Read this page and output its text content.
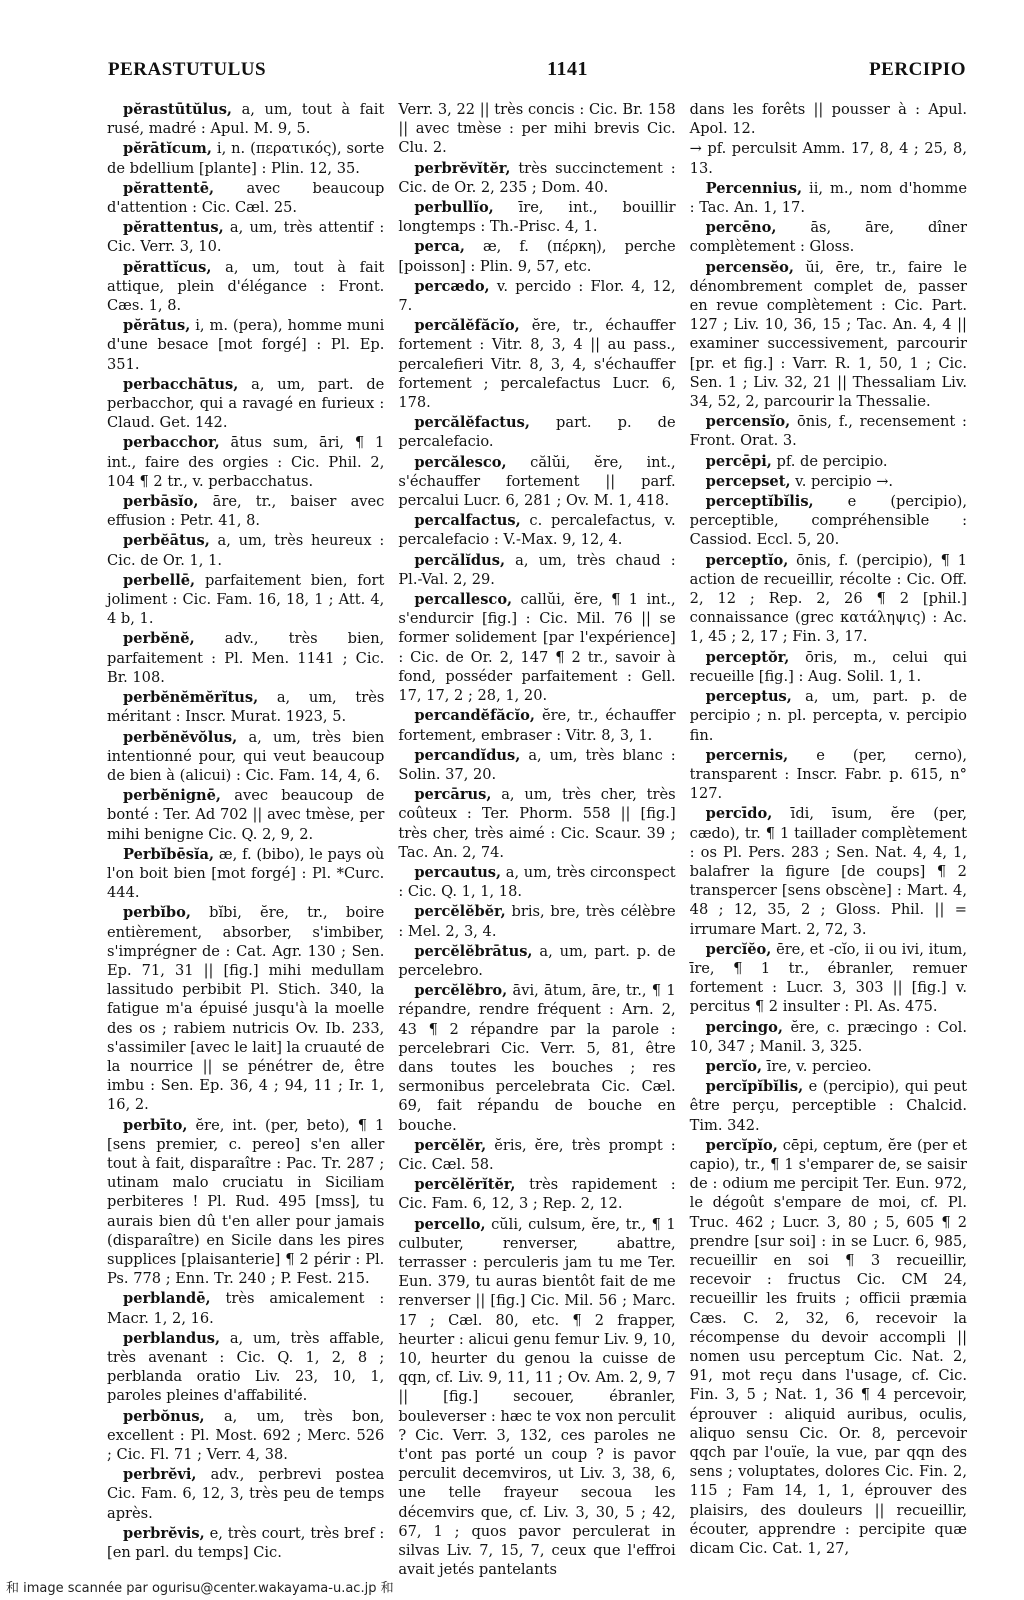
PERASTUTULUS	1141	PERCIPIO

pĕrastūtŭlus, a, um, tout à fait rusé, madré : Apul. M. 9, 5.

pĕrātĭcum, i, n. (περατικός), sorte de bdellium [plante] : Plin. 12, 35.

pĕrattentē, avec beaucoup d'attention : Cic. Cæl. 25.

pĕrattentus, a, um, très attentif : Cic. Verr. 3, 10.

pĕrattĭcus, a, um, tout à fait attique, plein d'élégance : Front. Cæs. 1, 8.

pĕrātus, i, m. (pera), homme muni d'une besace [mot forgé] : Pl. Ep. 351.

perbacchātus, a, um, part. de perbacchor, qui a ravagé en furieux : Claud. Get. 142.

perbacchor, ātus sum, āri, ¶ 1 int., faire des orgies : Cic. Phil. 2, 104 ¶ 2 tr., v. perbacchatus.

perbāsĭo, āre, tr., baiser avec effusion : Petr. 41, 8.

perbĕātus, a, um, très heureux : Cic. de Or. 1, 1.

perbellē, parfaitement bien, fort joliment : Cic. Fam. 16, 18, 1 ; Att. 4, 4 b, 1.

perbĕnĕ, adv., très bien, parfaitement : Pl. Men. 1141 ; Cic. Br. 108.

perbĕnĕmĕrĭtus, a, um, très méritant : Inscr. Murat. 1923, 5.

perbĕnĕvŏlus, a, um, très bien intentionné pour, qui veut beaucoup de bien à (alicui) : Cic. Fam. 14, 4, 6.

perbĕnignē, avec beaucoup de bonté : Ter. Ad 702 || avec tmèse, per mihi benigne Cic. Q. 2, 9, 2.

Perbĭbēsĭa, æ, f. (bibo), le pays où l'on boit bien [mot forgé] : Pl. *Curc. 444.

perbĭbo, bĭbi, ĕre, tr., boire entièrement, absorber, s'imbiber, s'imprégner de : Cat. Agr. 130 ; Sen. Ep. 71, 31 || [fig.] mihi medullam lassitudo perbibit Pl. Stich. 340, la fatigue m'a épuisé jusqu'à la moelle des os ; rabiem nutricis Ov. Ib. 233, s'assimiler [avec le lait] la cruauté de la nourrice || se pénétrer de, être imbu : Sen. Ep. 36, 4 ; 94, 11 ; Ir. 1, 16, 2.

perbīto, ĕre, int. (per, beto), ¶ 1 [sens premier, c. pereo] s'en aller tout à fait, disparaître : Pac. Tr. 287 ; utinam malo cruciatu in Siciliam perbiteres ! Pl. Rud. 495 [mss], tu aurais bien dû t'en aller pour jamais (disparaître) en Sicile dans les pires supplices [plaisanterie] ¶ 2 périr : Pl. Ps. 778 ; Enn. Tr. 240 ; P. Fest. 215.

perblandē, très amicalement : Macr. 1, 2, 16.

perblandus, a, um, très affable, très avenant : Cic. Q. 1, 2, 8 ; perblanda oratio Liv. 23, 10, 1, paroles pleines d'affabilité.

perbŏnus, a, um, très bon, excellent : Pl. Most. 692 ; Merc. 526 ; Cic. Fl. 71 ; Verr. 4, 38.

perbrĕvi, adv., perbrevi postea Cic. Fam. 6, 12, 3, très peu de temps après.

perbrĕvis, e, très court, très bref : [en parl. du temps] Cic.

Verr. 3, 22 || très concis : Cic. Br. 158 || avec tmèse : per mihi brevis Cic. Clu. 2.

perbrĕvĭtĕr, très succinctement : Cic. de Or. 2, 235 ; Dom. 40.

perbullĭo, īre, int., bouillir longtemps : Th.-Prisc. 4, 1.

perca, æ, f. (πέρκη), perche [poisson] : Plin. 9, 57, etc.

percædo, v. percido : Flor. 4, 12, 7.

percălĕfăcĭo, ĕre, tr., échauffer fortement : Vitr. 8, 3, 4 || au pass., percalefieri Vitr. 8, 3, 4, s'échauffer fortement ; percalefactus Lucr. 6, 178.

percălĕfactus, part. p. de percalefacio.

percălesco, călŭi, ĕre, int., s'échauffer fortement || parf. percalui Lucr. 6, 281 ; Ov. M. 1, 418.

percalfactus, c. percalefactus, v. percalefacio : V.-Max. 9, 12, 4.

percălĭdus, a, um, très chaud : Pl.-Val. 2, 29.

percallesco, callŭi, ĕre, ¶ 1 int., s'endurcir [fig.] : Cic. Mil. 76 || se former solidement [par l'expérience] : Cic. de Or. 2, 147 ¶ 2 tr., savoir à fond, posséder parfaitement : Gell. 17, 17, 2 ; 28, 1, 20.

percandĕfăcĭo, ĕre, tr., échauffer fortement, embraser : Vitr. 8, 3, 1.

percandĭdus, a, um, très blanc : Solin. 37, 20.

percārus, a, um, très cher, très coûteux : Ter. Phorm. 558 || [fig.] très cher, très aimé : Cic. Scaur. 39 ; Tac. An. 2, 74.

percautus, a, um, très circonspect : Cic. Q. 1, 1, 18.

percĕlĕbĕr, bris, bre, très célèbre : Mel. 2, 3, 4.

percĕlĕbrātus, a, um, part. p. de percelebro.

percĕlĕbro, āvi, ātum, āre, tr., ¶ 1 répandre, rendre fréquent : Arn. 2, 43 ¶ 2 répandre par la parole : percelebrari Cic. Verr. 5, 81, être dans toutes les bouches ; res sermonibus percelebrata Cic. Cæl. 69, fait répandu de bouche en bouche.

percĕlĕr, ĕris, ĕre, très prompt : Cic. Cæl. 58.

percĕlĕrĭtĕr, très rapidement : Cic. Fam. 6, 12, 3 ; Rep. 2, 12.

percello, cŭli, culsum, ĕre, tr., ¶ 1 culbuter, renverser, abattre, terrasser : perculeris jam tu me Ter. Eun. 379, tu auras bientôt fait de me renverser || [fig.] Cic. Mil. 56 ; Marc. 17 ; Cæl. 80, etc. ¶ 2 frapper, heurter : alicui genu femur Liv. 9, 10, 10, heurter du genou la cuisse de qqn, cf. Liv. 9, 11, 11 ; Ov. Am. 2, 9, 7 || [fig.] secouer, ébranler, bouleverser : hæc te vox non perculit ? Cic. Verr. 3, 132, ces paroles ne t'ont pas porté un coup ? is pavor perculit decemviros, ut Liv. 3, 38, 6, une telle frayeur secoua les décemvirs que, cf. Liv. 3, 30, 5 ; 42, 67, 1 ; quos pavor perculerat in silvas Liv. 7, 15, 7, ceux que l'effroi avait jetés pantelants

dans les forêts || pousser à : Apul. Apol. 12.

→ pf. perculsit Amm. 17, 8, 4 ; 25, 8, 13.

Percennius, ii, m., nom d'homme : Tac. An. 1, 17.

percēno, ās, āre, dîner complètement : Gloss.

percensĕo, ŭi, ēre, tr., faire le dénombrement complet de, passer en revue complètement : Cic. Part. 127 ; Liv. 10, 36, 15 ; Tac. An. 4, 4 || examiner successivement, parcourir [pr. et fig.] : Varr. R. 1, 50, 1 ; Cic. Sen. 1 ; Liv. 32, 21 || Thessaliam Liv. 34, 52, 2, parcourir la Thessalie.

percensĭo, ōnis, f., recensement : Front. Orat. 3.

percēpi, pf. de percipio.

percepset, v. percipio →.

perceptĭbĭlis, e (percipio), perceptible, compréhensible : Cassiod. Eccl. 5, 20.

perceptĭo, ōnis, f. (percipio), ¶ 1 action de recueillir, récolte : Cic. Off. 2, 12 ; Rep. 2, 26 ¶ 2 [phil.] connaissance (grec κατάληψις) : Ac. 1, 45 ; 2, 17 ; Fin. 3, 17.

perceptŏr, ōris, m., celui qui recueille [fig.] : Aug. Solil. 1, 1.

perceptus, a, um, part. p. de percipio ; n. pl. percepta, v. percipio fin.

percernis, e (per, cerno), transparent : Inscr. Fabr. p. 615, n° 127.

percīdo, īdi, īsum, ĕre (per, cædo), tr. ¶ 1 taillader complètement : os Pl. Pers. 283 ; Sen. Nat. 4, 4, 1, balafrer la figure [de coups] ¶ 2 transpercer [sens obscène] : Mart. 4, 48 ; 12, 35, 2 ; Gloss. Phil. || = irrumare Mart. 2, 72, 3.

percĭĕo, ēre, et -cĭo, ii ou ivi, itum, īre, ¶ 1 tr., ébranler, remuer fortement : Lucr. 3, 303 || [fig.] v. percitus ¶ 2 insulter : Pl. As. 475.

percingo, ĕre, c. præcingo : Col. 10, 347 ; Manil. 3, 325.

percĭo, īre, v. percieo.

percĭpĭbĭlis, e (percipio), qui peut être perçu, perceptible : Chalcid. Tim. 342.

percĭpĭo, cēpi, ceptum, ĕre (per et capio), tr., ¶ 1 s'emparer de, se saisir de : odium me percipit Ter. Eun. 972, le dégoût s'empare de moi, cf. Pl. Truc. 462 ; Lucr. 3, 80 ; 5, 605 ¶ 2 prendre [sur soi] : in se Lucr. 6, 985, recueillir en soi ¶ 3 recueillir, recevoir : fructus Cic. CM 24, recueillir les fruits ; officii præmia Cæs. C. 2, 32, 6, recevoir la récompense du devoir accompli || nomen usu perceptum Cic. Nat. 2, 91, mot reçu dans l'usage, cf. Cic. Fin. 3, 5 ; Nat. 1, 36 ¶ 4 percevoir, éprouver : aliquid auribus, oculis, aliquo sensu Cic. Or. 8, percevoir qqch par l'ouïe, la vue, par qqn des sens ; voluptates, dolores Cic. Fin. 2, 115 ; Fam 14, 1, 1, éprouver des plaisirs, des douleurs || recueillir, écouter, apprendre : percipite quæ dicam Cic. Cat. 1, 27,

和 image scannée par ogurisu@center.wakayama-u.ac.jp 和
